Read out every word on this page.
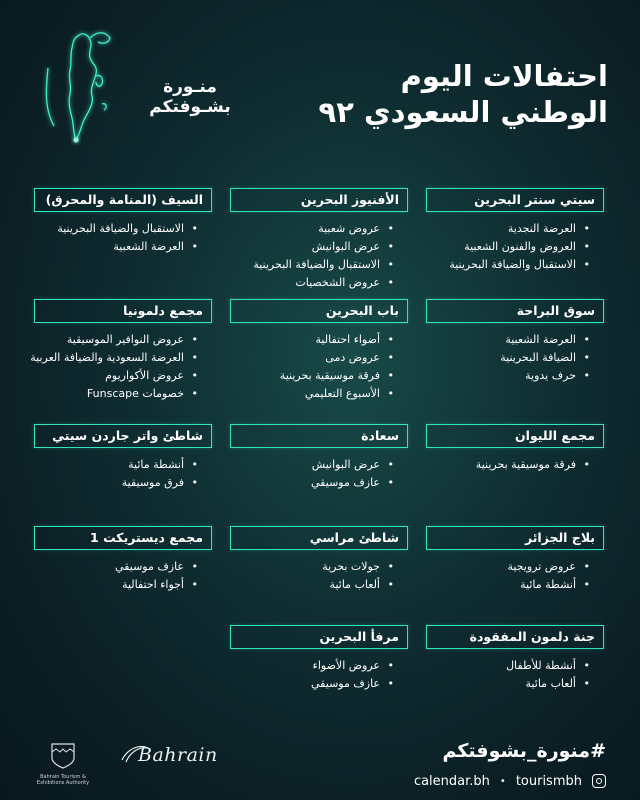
منـورة
بشـوفتكم
احتفالات اليوم
الوطني السعودي ٩٢
سيتي سنتر البحرين
• العرضة النجدية
• العروض والفنون الشعبية
• الاستقبال والضيافة البحرينية
الأفنيوز البحرين
• عروض شعبية
• عرض البوانيش
• الاستقبال والضيافة البحرينية
• عروض الشخصيات
السيف (المنامة والمحرق)
• الاستقبال والضيافة البحرينية
• العرضة الشعبية
سوق البراحة
• العرضة الشعبية
• الضيافة البحرينية
• حرف يدوية
باب البحرين
• أضواء احتفالية
• عروض دمى
• فرقة موسيقية بحرينية
• الأسبوع التعليمي
مجمع دلمونيا
• عروض النوافير الموسيقية
• العرضة السعودية والضيافة العربية
• عروض الأكواريوم
• خصومات Funscape
مجمع الليوان
• فرقة موسيقية بحرينية
سعادة
• عرض البوانيش
• عازف موسيقي
شاطئ واتر جاردن سيتي
• أنشطة مائية
• فرق موسيقية
بلاج الجزائر
• عروض ترويجية
• أنشطة مائية
شاطئ مراسي
• جولات بحرية
• ألعاب مائية
مجمع ديستريكت 1
• عازف موسيقي
• أجواء احتفالية
جنة دلمون المفقودة
• أنشطة للأطفال
• ألعاب مائية
مرفأ البحرين
• عروض الأضواء
• عازف موسيقي
#منورة_بشوفتكم
calendar.bh • tourismbh
Bahrain
Bahrain Tourism & Exhibitions Authority
